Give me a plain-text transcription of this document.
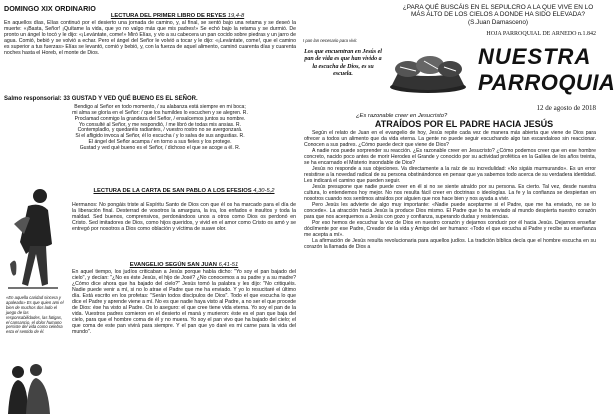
DOMINGO XIX ORDINARIO
LECTURA DEL PRIMER LIBRO DE REYES 19,4-8

En aquellos días, Elías continuó por el desierto una jornada de camino, y, al final, se sentó bajo una retama y se deseó la muerte: «¡Basta, Señor! ¡Quítame la vida, que yo no valgo más que mis padres!» Se echó bajo la retama y se durmió. De pronto un ángel lo tocó y le dijo: «¡Levántate, come!» Miró Elías, y vio a su cabecera un pan cocido sobre piedras y un jarro de agua. Comió, bebió y se volvió a echar. Pero el ángel del Señor le volvió a tocar y le dijo: «¡Levántate, come!, que el camino es superior a tus fuerzas» Elías se levantó, comió y bebió, y, con la fuerza de aquel alimento, caminó cuarenta días y cuarenta noches hasta el Horeb, el monte de Dios.

Salmo responsorial: 33 GUSTAD Y VED QUÉ BUENO ES EL SEÑOR.
Bendigo al Señor en todo momento, / su alabanza está siempre en mi boca;
mi alma se gloría en el Señor: / que los humildes lo escuchen y se alegren. R.
Proclamad conmigo la grandeza del Señor, / ensalcemos juntos su nombre.
Yo consulté al Señor, y me respondió, / me libró de todas mis ansias. R.
Contempladlo, y quedaréis radiantes, / vuestro rostro no se avergonzará.
Si el afligido invoca al Señor, él lo escucha / y lo salva de sus angustias. R.
El ángel del Señor acampa / en torno a sus fieles y los protege.
Gustad y ved qué bueno es el Señor, / dichoso el que se acoge a él. R.
«En aquella caridad sincera y apaleado» Es que quien ami el bien de muchos dos lado el juego de las responsabilidades, las fatigas, el cansancio, el dolor humano persiste del vida como celebra esta el sentido de él.
LECTURA DE LA CARTA DE SAN PABLO A LOS EFESIOS 4,30-5,2

Hermanos: No pongáis triste al Espíritu Santo de Dios con que él os ha marcado para el día de la liberación final. Desterrad de vosotros la amargura, la ira, los enfados e insultos y toda la maldad. Sed buenos, comprensivos, perdonándoos unos a otros como Dios os perdonó en Cristo. Sed imitadores de Dios, como hijos queridos, y vivid en el amor como Cristo os amó y se entregó por nosotros a Dios como oblación y víctima de suave olor.

EVANGELIO SEGÚN SAN JUAN 6,41-51

En aquel tiempo, los judíos criticaban a Jesús porque había dicho: "Yo soy el pan bajado del cielo", y decían: "¿No es éste Jesús, el hijo de José? ¿No conocemos a su padre y a su madre? ¿Cómo dice ahora que ha bajado del cielo?" Jesús tomó la palabra y les dijo: "No critiquéis. Nadie puede venir a mí, si no lo atrae el Padre que me ha enviado. Y yo lo resucitaré el último día. Está escrito en los profetas: "Serán todos discípulos de Dios". Todo el que escucha lo que dice el Padre y aprende viene a mí. No es que nadie haya visto al Padre, a no ser el que procede de Dios: ése ha visto al Padre. Os lo aseguro: el que cree tiene vida eterna. Yo soy el pan de la vida. Vuestros padres comieron en el desierto el maná y murieron: éste es el pan que baja del cielo, para que el hombre coma de él y no muera. Yo soy el pan vivo que ha bajado del cielo; el que coma de este pan vivirá para siempre. Y el pan que yo daré es mi carne para la vida del mundo".

¿PARA QUÉ BUSCÁIS EN EL SEPULCRO A LA QUE VIVE EN LO MÁS ALTO DE LOS CIELOS A DONDE HA SIDO ELEVADA? (S.Juan Damasceno)
I pan lan necesario para vivir.
HOJA PARROQUIAL DE ARNEDO n.1.842
Los que encuentran en Jesús el pan de vida es que han vivido a la escucha de Dios, es su escuela.
NUESTRA
PARROQUIA
12 de agosto de 2018
¿Es razonable creer en Jesucristo?
ATRAÍDOS POR EL PADRE HACIA JESÚS

Según el relato de Juan en el evangelio de hoy, Jesús repite cada vez de manera más abierta que viene de Dios para ofrecer a todos un alimento que da vida eterna. La gente no puede seguir escuchando algo tan escandaloso sin reaccionar. Conocen a sus padres. ¿Cómo puede decir que viene de Dios?

A nadie nos puede sorprender su reacción. ¿Es razonable creer en Jesucristo? ¿Cómo podemos creer que en ese hombre concreto, nacido poco antes de morir Herodes el Grande y conocido por su actividad profética en la Galilea de los años treinta, se ha encarnado el Misterio insondable de Dios?

Jesús no responde a sus objeciones. Va directamente a la raíz de su incredulidad: «No sigáis murmurando». Es un error resistirse a la novedad radical de su persona obstinándonos en pensar que ya sabemos todo acerca de su verdadera identidad. Les indicará el camino que pueden seguir.

Jesús presupone que nadie puede creer en él si no se siente atraído por su persona. Es cierto. Tal vez, desde nuestra cultura, lo entendemos hoy mejor. No nos resulta fácil creer en doctrinas o ideologías. La fe y la confianza se despiertan en nosotros cuando nos sentimos atraídos por alguien que nos hace bien y nos ayuda a vivir.

Pero Jesús les advierte de algo muy importante: «Nadie puede aceptarme si el Padre, que me ha enviado, no se lo concede». La atracción hacia Jesús la produce Dios mismo. El Padre que lo ha enviado al mundo despierta nuestro corazón para que nos acerquemos a Jesús con gozo y confianza, superando dudas y resistencias.

Por eso hemos de escuchar la voz de Dios en nuestro corazón y dejarnos conducir por él hacia Jesús. Dejarnos enseñar dócilmente por ese Padre, Creador de la vida y Amigo del ser humano: «Todo el que escucha al Padre y recibe su enseñanza me acepta a mí».

La afirmación de Jesús resulta revolucionaria para aquellos judíos. La tradición bíblica decía que el hombre escucha en su corazón la llamada de Dios a
